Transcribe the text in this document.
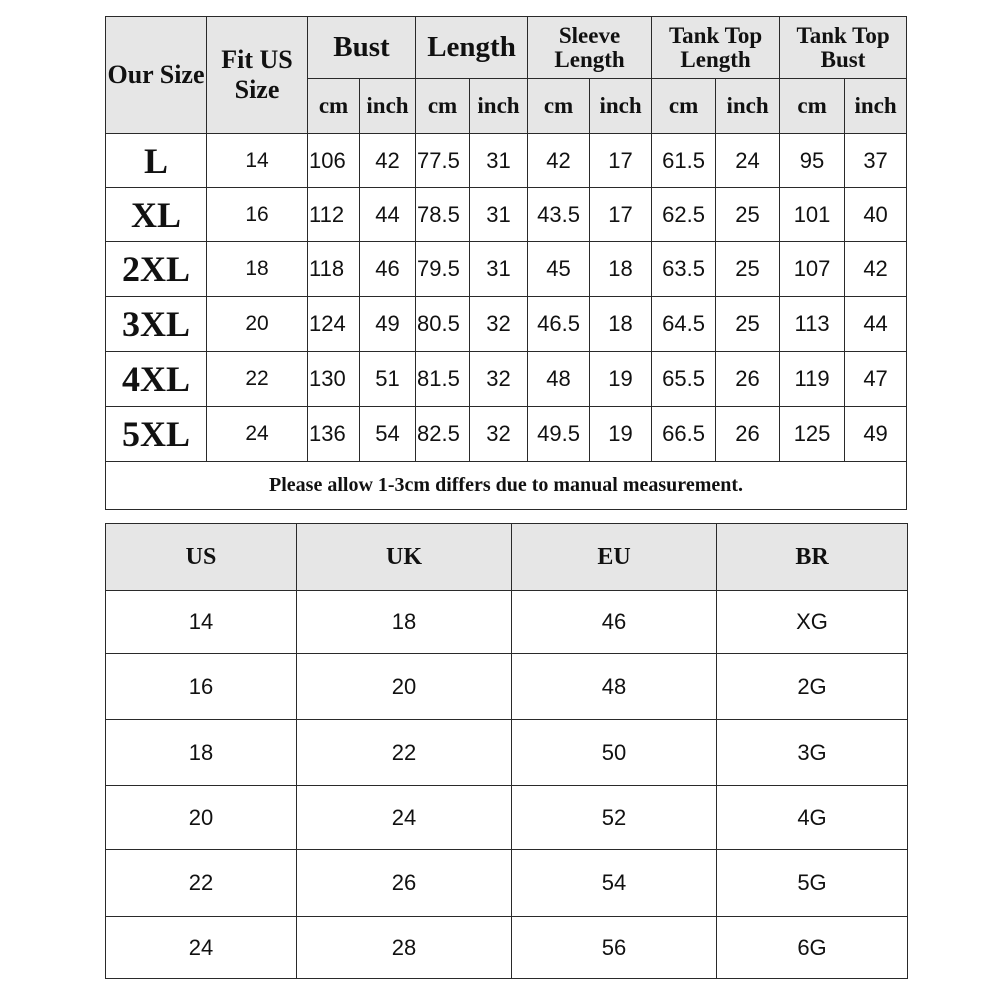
Our Size	Fit US Size	Bust		Length		Sleeve Length		Tank Top Length		Tank Top Bust	
		cm	inch	cm	inch	cm	inch	cm	inch	cm	inch
L	14	106	42	77.5	31	42	17	61.5	24	95	37
XL	16	112	44	78.5	31	43.5	17	62.5	25	101	40
2XL	18	118	46	79.5	31	45	18	63.5	25	107	42
3XL	20	124	49	80.5	32	46.5	18	64.5	25	113	44
4XL	22	130	51	81.5	32	48	19	65.5	26	119	47
5XL	24	136	54	82.5	32	49.5	19	66.5	26	125	49
Please allow 1-3cm differs due to manual measurement.											
US	UK	EU	BR
14	18	46	XG
16	20	48	2G
18	22	50	3G
20	24	52	4G
22	26	54	5G
24	28	56	6G
